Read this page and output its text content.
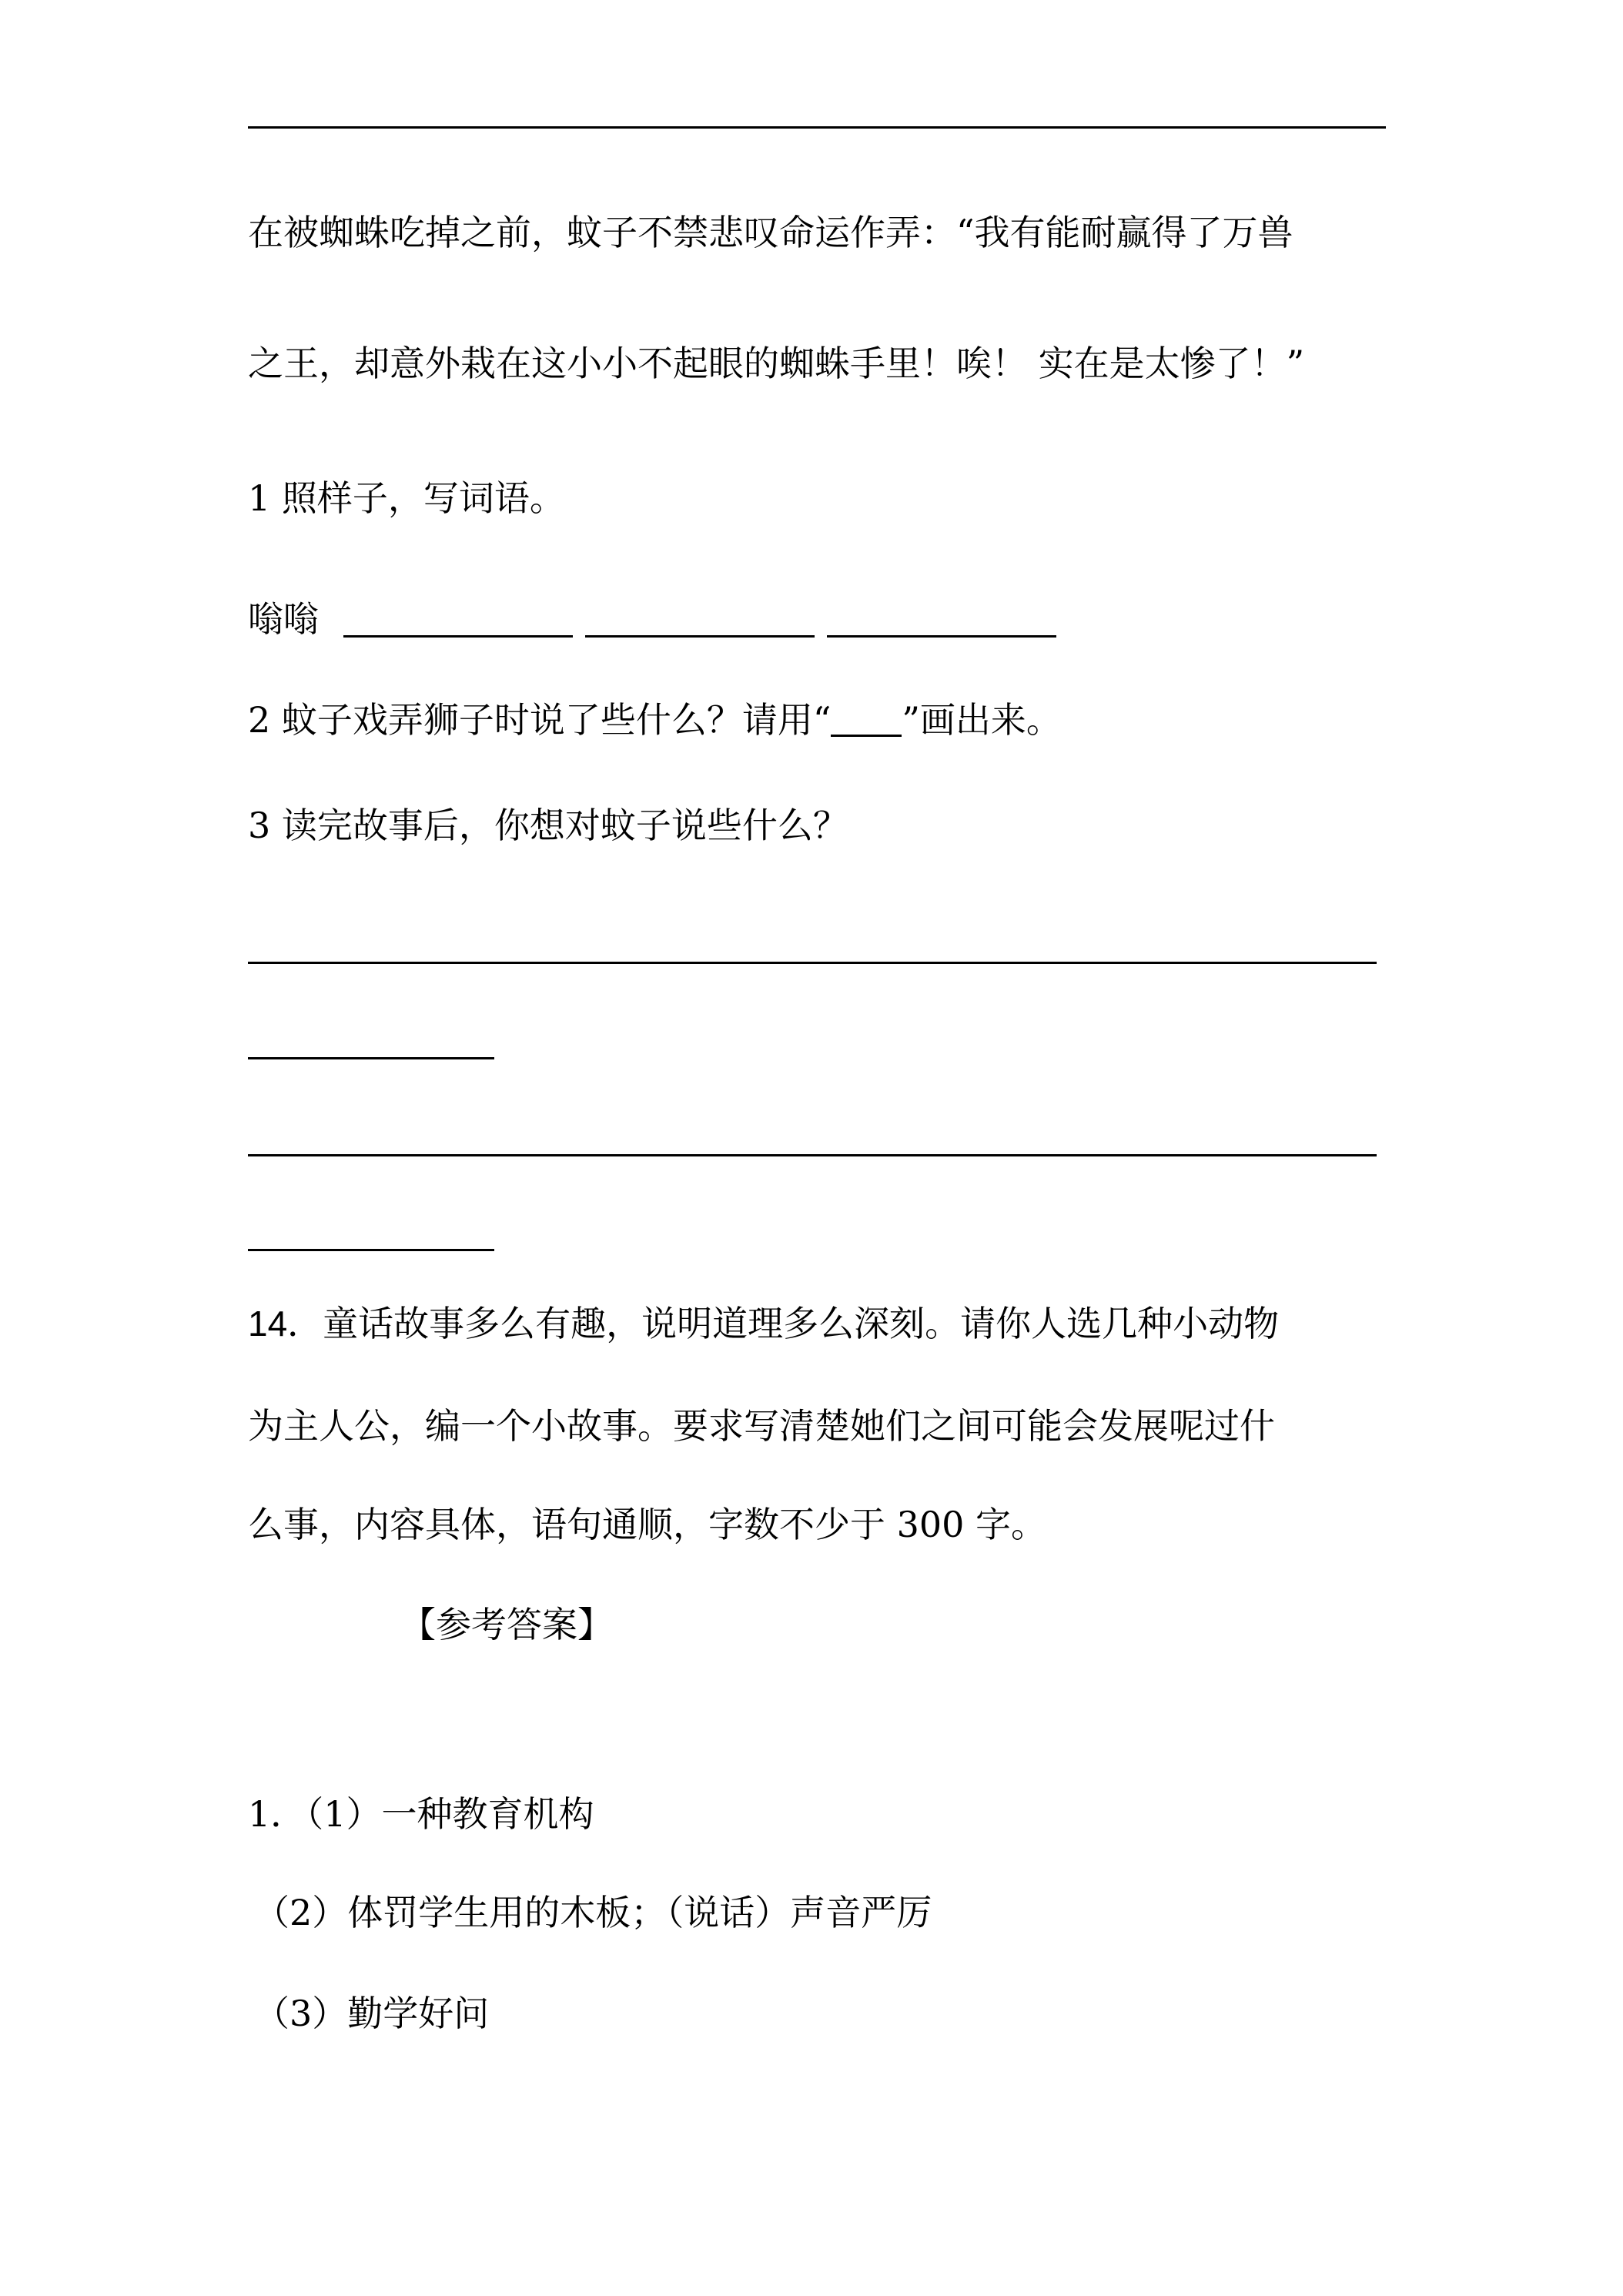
在被蜘蛛吃掉之前，蚊子不禁悲叹命运作弄：“我有能耐赢得了万兽
之王，却意外栽在这小小不起眼的蜘蛛手里！唉！ 实在是太惨了！”
1 照样子，写词语。
嗡嗡
2 蚊子戏弄狮子时说了些什么？请用“ ”画出来。
3 读完故事后，你想对蚊子说些什么？
14．童话故事多么有趣，说明道理多么深刻。请你人选几种小动物
为主人公，编一个小故事。要求写清楚她们之间可能会发展呢过什
么事，内容具体，语句通顺，字数不少于 300 字。
【参考答案】
1．（1）一种教育机构
（2）体罚学生用的木板；（说话）声音严厉
（3）勤学好问
